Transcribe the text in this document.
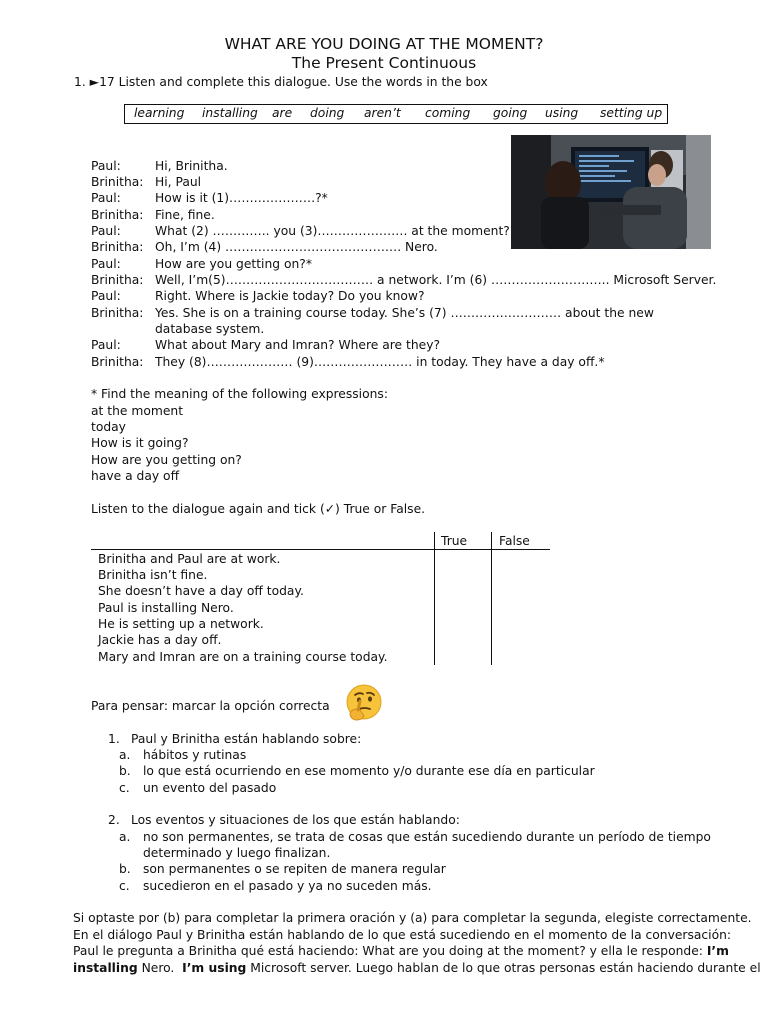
WHAT ARE YOU DOING AT THE MOMENT?
The Present Continuous
1. ►17 Listen and complete this dialogue. Use the words in the box
learning installing are doing aren’t coming going using setting up
Paul:	Hi, Brinitha.
Brinitha: Hi, Paul
Paul:	How is it (1)…………………?*
Brinitha: Fine, fine.
Paul:	What (2) ………….. you (3)…………………. at the moment?
Brinitha: Oh, I’m (4) ……………………………………. Nero.
Paul:	How are you getting on?*
Brinitha: Well, I’m(5)……………………………… a network. I’m (6) ……………………….. Microsoft Server.
Paul:	Right. Where is Jackie today? Do you know?
Brinitha: Yes. She is on a training course today. She’s (7) ……………………… about the new
database system.
Paul:	What about Mary and Imran? Where are they?
Brinitha: They (8)………………… (9)…………………… in today. They have a day off.*
* Find the meaning of the following expressions:
at the moment
today
How is it going?
How are you getting on?
have a day off
Listen to the dialogue again and tick (✓) True or False.
True	False
Brinitha and Paul are at work.
Brinitha isn’t fine.
She doesn’t have a day off today.
Paul is installing Nero.
He is setting up a network.
Jackie has a day off.
Mary and Imran are on a training course today.
Para pensar: marcar la opción correcta
1. Paul y Brinitha están hablando sobre:
a. hábitos y rutinas
b. lo que está ocurriendo en ese momento y/o durante ese día en particular
c. un evento del pasado
2. Los eventos y situaciones de los que están hablando:
a. no son permanentes, se trata de cosas que están sucediendo durante un período de tiempo
determinado y luego finalizan.
b. son permanentes o se repiten de manera regular
c. sucedieron en el pasado y ya no suceden más.
Si optaste por (b) para completar la primera oración y (a) para completar la segunda, elegiste correctamente.
En el diálogo Paul y Brinitha están hablando de lo que está sucediendo en el momento de la conversación:
Paul le pregunta a Brinitha qué está haciendo: What are you doing at the moment? y ella le responde: I’m
installing Nero.  I’m using Microsoft server. Luego hablan de lo que otras personas están haciendo durante el
